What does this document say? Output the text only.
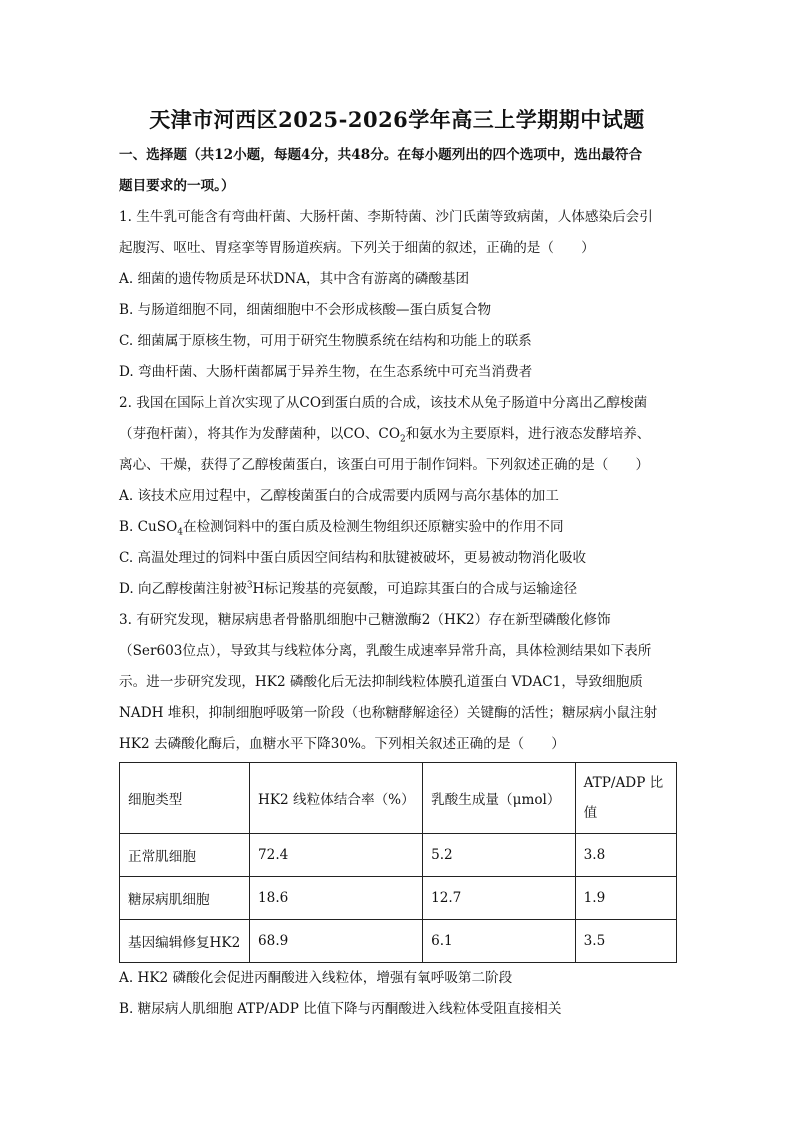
天津市河西区2025-2026学年高三上学期期中试题
一、选择题（共12小题，每题4分，共48分。在每小题列出的四个选项中，选出最符合
题目要求的一项。）
1. 生牛乳可能含有弯曲杆菌、大肠杆菌、李斯特菌、沙门氏菌等致病菌，人体感染后会引
起腹泻、呕吐、胃痉挛等胃肠道疾病。下列关于细菌的叙述，正确的是（　　）
A. 细菌的遗传物质是环状DNA，其中含有游离的磷酸基团
B. 与肠道细胞不同，细菌细胞中不会形成核酸—蛋白质复合物
C. 细菌属于原核生物，可用于研究生物膜系统在结构和功能上的联系
D. 弯曲杆菌、大肠杆菌都属于异养生物，在生态系统中可充当消费者
2. 我国在国际上首次实现了从CO到蛋白质的合成，该技术从兔子肠道中分离出乙醇梭菌
（芽孢杆菌），将其作为发酵菌种，以CO、$CO_2$和氨水为主要原料，进行液态发酵培养、
离心、干燥，获得了乙醇梭菌蛋白，该蛋白可用于制作饲料。下列叙述正确的是（　　）
A. 该技术应用过程中，乙醇梭菌蛋白的合成需要内质网与高尔基体的加工
B. CuSO$_4$在检测饲料中的蛋白质及检测生物组织还原糖实验中的作用不同
C. 高温处理过的饲料中蛋白质因空间结构和肽键被破坏，更易被动物消化吸收
D. 向乙醇梭菌注射被$^3$H标记羧基的亮氨酸，可追踪其蛋白的合成与运输途径
3. 有研究发现，糖尿病患者骨骼肌细胞中己糖激酶2（HK2）存在新型磷酸化修饰
（Ser603位点），导致其与线粒体分离，乳酸生成速率异常升高，具体检测结果如下表所
示。进一步研究发现，HK2 磷酸化后无法抑制线粒体膜孔道蛋白 VDAC1，导致细胞质
NADH 堆积，抑制细胞呼吸第一阶段（也称糖酵解途径）关键酶的活性；糖尿病小鼠注射
HK2 去磷酸化酶后，血糖水平下降30%。下列相关叙述正确的是（　　）
细胞类型	HK2 线粒体结合率（%）	乳酸生成量（μmol）	ATP/ADP 比值
正常肌细胞	72.4	5.2	3.8
糖尿病肌细胞	18.6	12.7	1.9
基因编辑修复HK2	68.9	6.1	3.5
A. HK2 磷酸化会促进丙酮酸进入线粒体，增强有氧呼吸第二阶段
B. 糖尿病人肌细胞 ATP/ADP 比值下降与丙酮酸进入线粒体受阻直接相关
